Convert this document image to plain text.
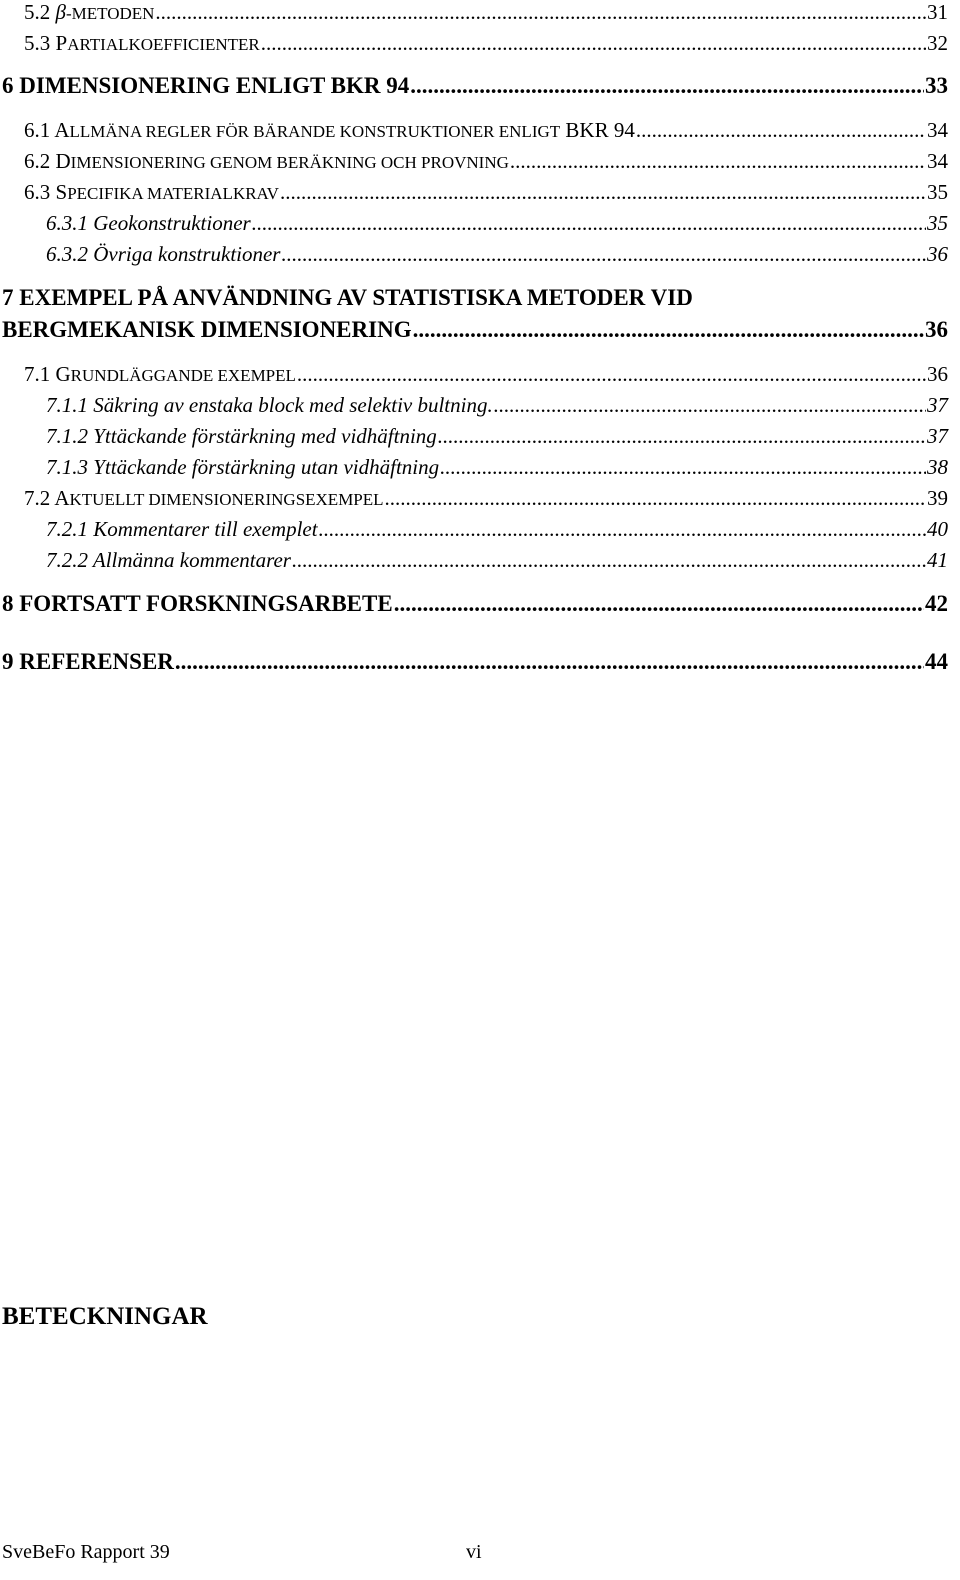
5.2 β-METODEN .....	31
5.3 PARTIALKOEFFICIENTER .....	32
6 DIMENSIONERING ENLIGT BKR 94 .....	33
6.1 ALLMÄNA REGLER FÖR BÄRANDE KONSTRUKTIONER ENLIGT BKR 94 .....	34
6.2 DIMENSIONERING GENOM BERÄKNING OCH PROVNING .....	34
6.3 SPECIFIKA MATERIALKRAV .....	35
6.3.1 Geokonstruktioner .....	35
6.3.2 Övriga konstruktioner .....	36
7 EXEMPEL PÅ ANVÄNDNING AV STATISTISKA METODER VID
BERGMEKANISK DIMENSIONERING .....	36
7.1 GRUNDLÄGGANDE EXEMPEL .....	36
7.1.1 Säkring av enstaka block med selektiv bultning. .....	37
7.1.2 Yttäckande förstärkning med vidhäftning .....	37
7.1.3 Yttäckande förstärkning utan vidhäftning .....	38
7.2 AKTUELLT DIMENSIONERINGSEXEMPEL .....	39
7.2.1 Kommentarer till exemplet .....	40
7.2.2 Allmänna kommentarer .....	41
8 FORTSATT FORSKNINGSARBETE .....	42
9 REFERENSER .....	44
BETECKNINGAR
SveBeFo Rapport 39	vi
